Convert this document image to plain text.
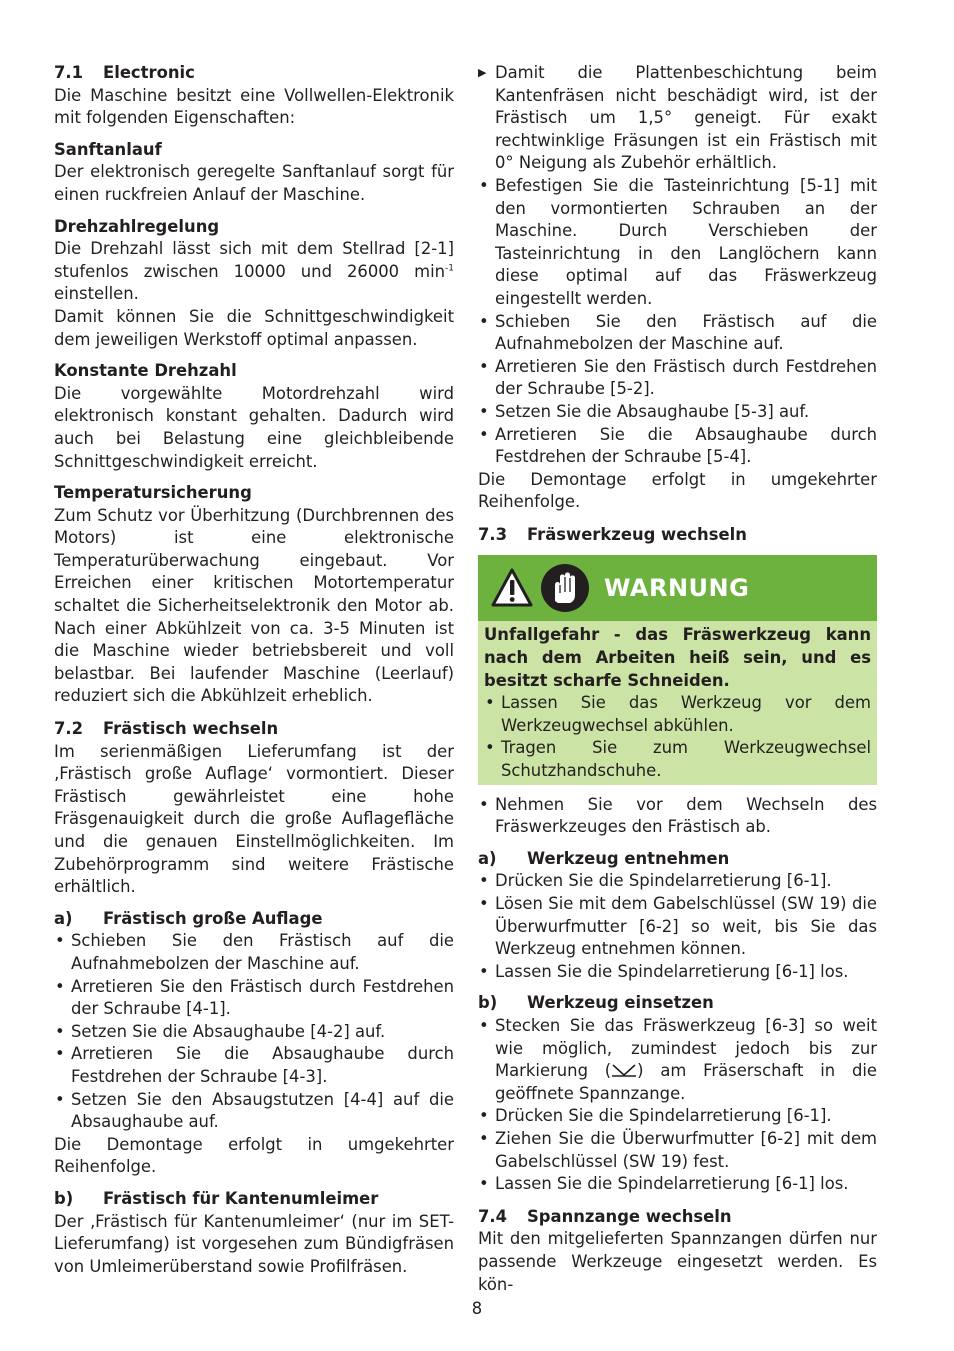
7.1	Electronic

Die Maschine besitzt eine Vollwellen-Elektronik mit folgenden Eigenschaften:

Sanftanlauf

Der elektronisch geregelte Sanftanlauf sorgt für einen ruckfreien Anlauf der Maschine.

Drehzahlregelung

Die Drehzahl lässt sich mit dem Stellrad [2-1] stufenlos zwischen 10000 und 26000 $\min^{-1}$ einstellen.

Damit können Sie die Schnittgeschwindigkeit dem jeweiligen Werkstoff optimal anpassen.

Konstante Drehzahl

Die vorgewählte Motordrehzahl wird elektronisch konstant gehalten. Dadurch wird auch bei Belastung eine gleichbleibende Schnittgeschwindigkeit erreicht.

Temperatursicherung

Zum Schutz vor Überhitzung (Durchbrennen des Motors) ist eine elektronische Temperaturüberwachung eingebaut. Vor Erreichen einer kritischen Motortemperatur schaltet die Sicherheitselektronik den Motor ab. Nach einer Abkühlzeit von ca. 3-5 Minuten ist die Maschine wieder betriebsbereit und voll belastbar. Bei laufender Maschine (Leerlauf) reduziert sich die Abkühlzeit erheblich.

7.2	Frästisch wechseln

Im serienmäßigen Lieferumfang ist der ‚Frästisch große Auflage‘ vormontiert. Dieser Frästisch gewährleistet eine hohe Fräsgenauigkeit durch die große Auflagefläche und die genauen Einstellmöglichkeiten. Im Zubehörprogramm sind weitere Frästische erhältlich.

a)	Frästisch große Auflage
• Schieben Sie den Frästisch auf die Aufnahmebolzen der Maschine auf.
• Arretieren Sie den Frästisch durch Festdrehen der Schraube [4-1].
• Setzen Sie die Absaughaube [4-2] auf.
• Arretieren Sie die Absaughaube durch Festdrehen der Schraube [4-3].
• Setzen Sie den Absaugstutzen [4-4] auf die Absaughaube auf.

Die Demontage erfolgt in umgekehrter Reihenfolge.

b)	Frästisch für Kantenumleimer

Der ‚Frästisch für Kantenumleimer‘ (nur im SET-Lieferumfang) ist vorgesehen zum Bündigfräsen von Umleimerüberstand sowie Profilfräsen.

▶ Damit die Plattenbeschichtung beim Kantenfräsen nicht beschädigt wird, ist der Frästisch um 1,5° geneigt. Für exakt rechtwinklige Fräsungen ist ein Frästisch mit 0° Neigung als Zubehör erhältlich.
• Befestigen Sie die Tasteinrichtung [5-1] mit den vormontierten Schrauben an der Maschine. Durch Verschieben der Tasteinrichtung in den Langlöchern kann diese optimal auf das Fräswerkzeug eingestellt werden.
• Schieben Sie den Frästisch auf die Aufnahmebolzen der Maschine auf.
• Arretieren Sie den Frästisch durch Festdrehen der Schraube [5-2].
• Setzen Sie die Absaughaube [5-3] auf.
• Arretieren Sie die Absaughaube durch Festdrehen der Schraube [5-4].

Die Demontage erfolgt in umgekehrter Reihenfolge.

7.3	Fräswerkzeug wechseln
WARNUNG

Unfallgefahr - das Fräswerkzeug kann nach dem Arbeiten heiß sein, und es besitzt scharfe Schneiden.

• Lassen Sie das Werkzeug vor dem Werkzeugwechsel abkühlen.
• Tragen Sie zum Werkzeugwechsel Schutzhandschuhe.
• Nehmen Sie vor dem Wechseln des Fräswerkzeuges den Frästisch ab.
a)	Werkzeug entnehmen
• Drücken Sie die Spindelarretierung [6-1].
• Lösen Sie mit dem Gabelschlüssel (SW 19) die Überwurfmutter [6-2] so weit, bis Sie das Werkzeug entnehmen können.
• Lassen Sie die Spindelarretierung [6-1] los.
b)	Werkzeug einsetzen
• Stecken Sie das Fräswerkzeug [6-3] so weit wie möglich, zumindest jedoch bis zur Markierung ( ) am Fräserschaft in die geöffnete Spannzange.
• Drücken Sie die Spindelarretierung [6-1].
• Ziehen Sie die Überwurfmutter [6-2] mit dem Gabelschlüssel (SW 19) fest.
• Lassen Sie die Spindelarretierung [6-1] los.
7.4	Spannzange wechseln

Mit den mitgelieferten Spannzangen dürfen nur passende Werkzeuge eingesetzt werden. Es kön-

8
